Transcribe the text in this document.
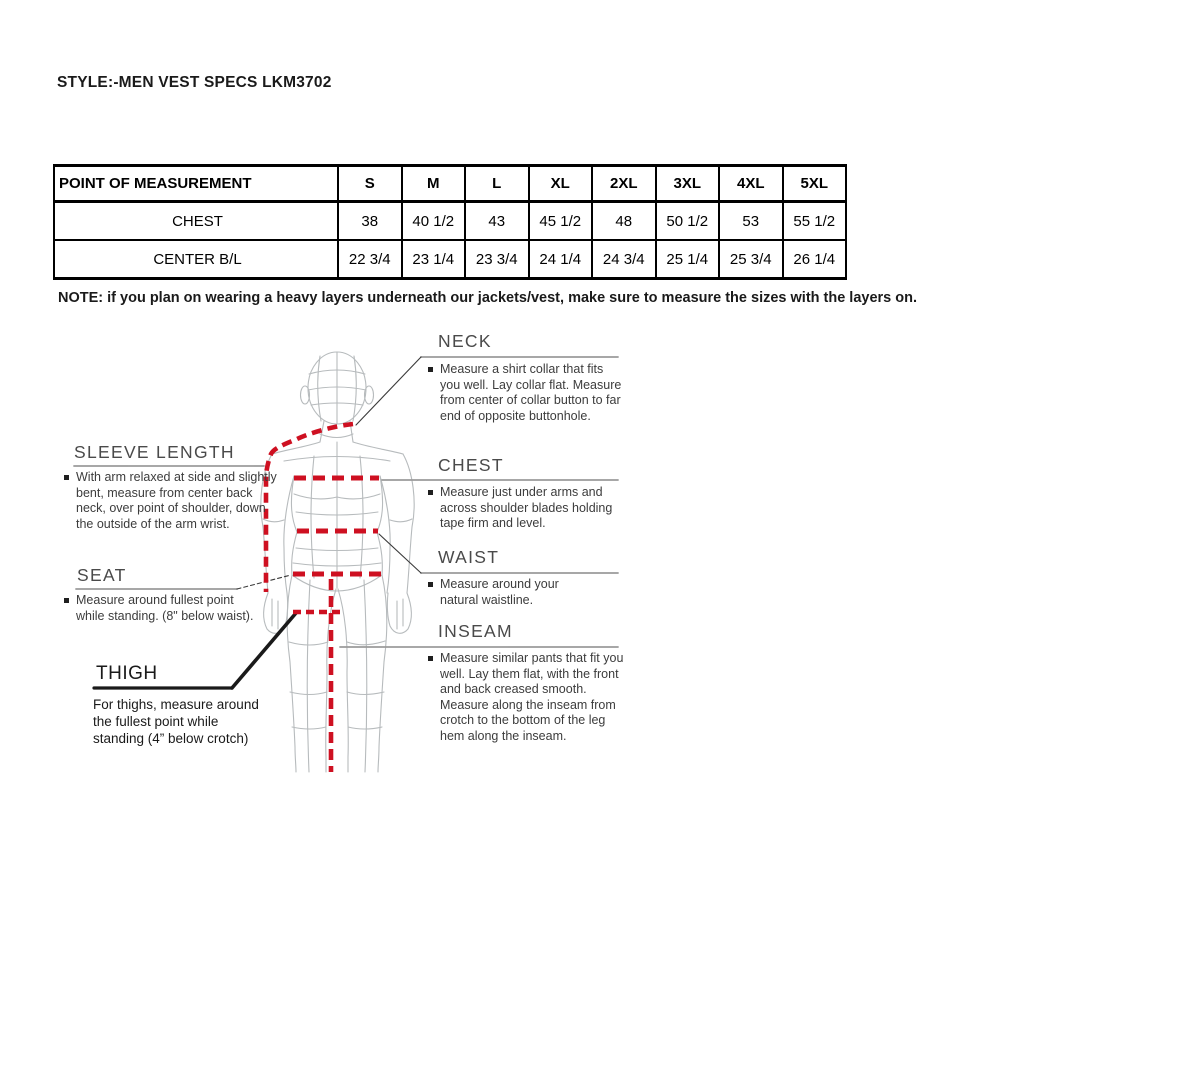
STYLE:-MEN VEST SPECS LKM3702
POINT OF MEASUREMENT	S	M	L	XL	2XL	3XL	4XL	5XL
CHEST	38	40 1/2	43	45 1/2	48	50 1/2	53	55 1/2
CENTER B/L	22 3/4	23 1/4	23 3/4	24 1/4	24 3/4	25 1/4	25 3/4	26 1/4
NOTE: if you plan on wearing a heavy layers underneath our jackets/vest, make sure to measure the sizes with the layers on.
NECK
Measure a shirt collar that fits you well. Lay collar flat. Measure from center of collar button to far end of opposite buttonhole.
CHEST
Measure just under arms and across shoulder blades holding tape firm and level.
WAIST
Measure around your natural waistline.
INSEAM
Measure similar pants that fit you well. Lay them flat, with the front and back creased smooth. Measure along the inseam from crotch to the bottom of the leg hem along the inseam.
SLEEVE LENGTH
With arm relaxed at side and slightly bent, measure from center back neck, over point of shoulder, down the outside of the arm wrist.
SEAT
Measure around fullest point while standing. (8" below waist).
THIGH
For thighs, measure around the fullest point while standing (4” below crotch)
